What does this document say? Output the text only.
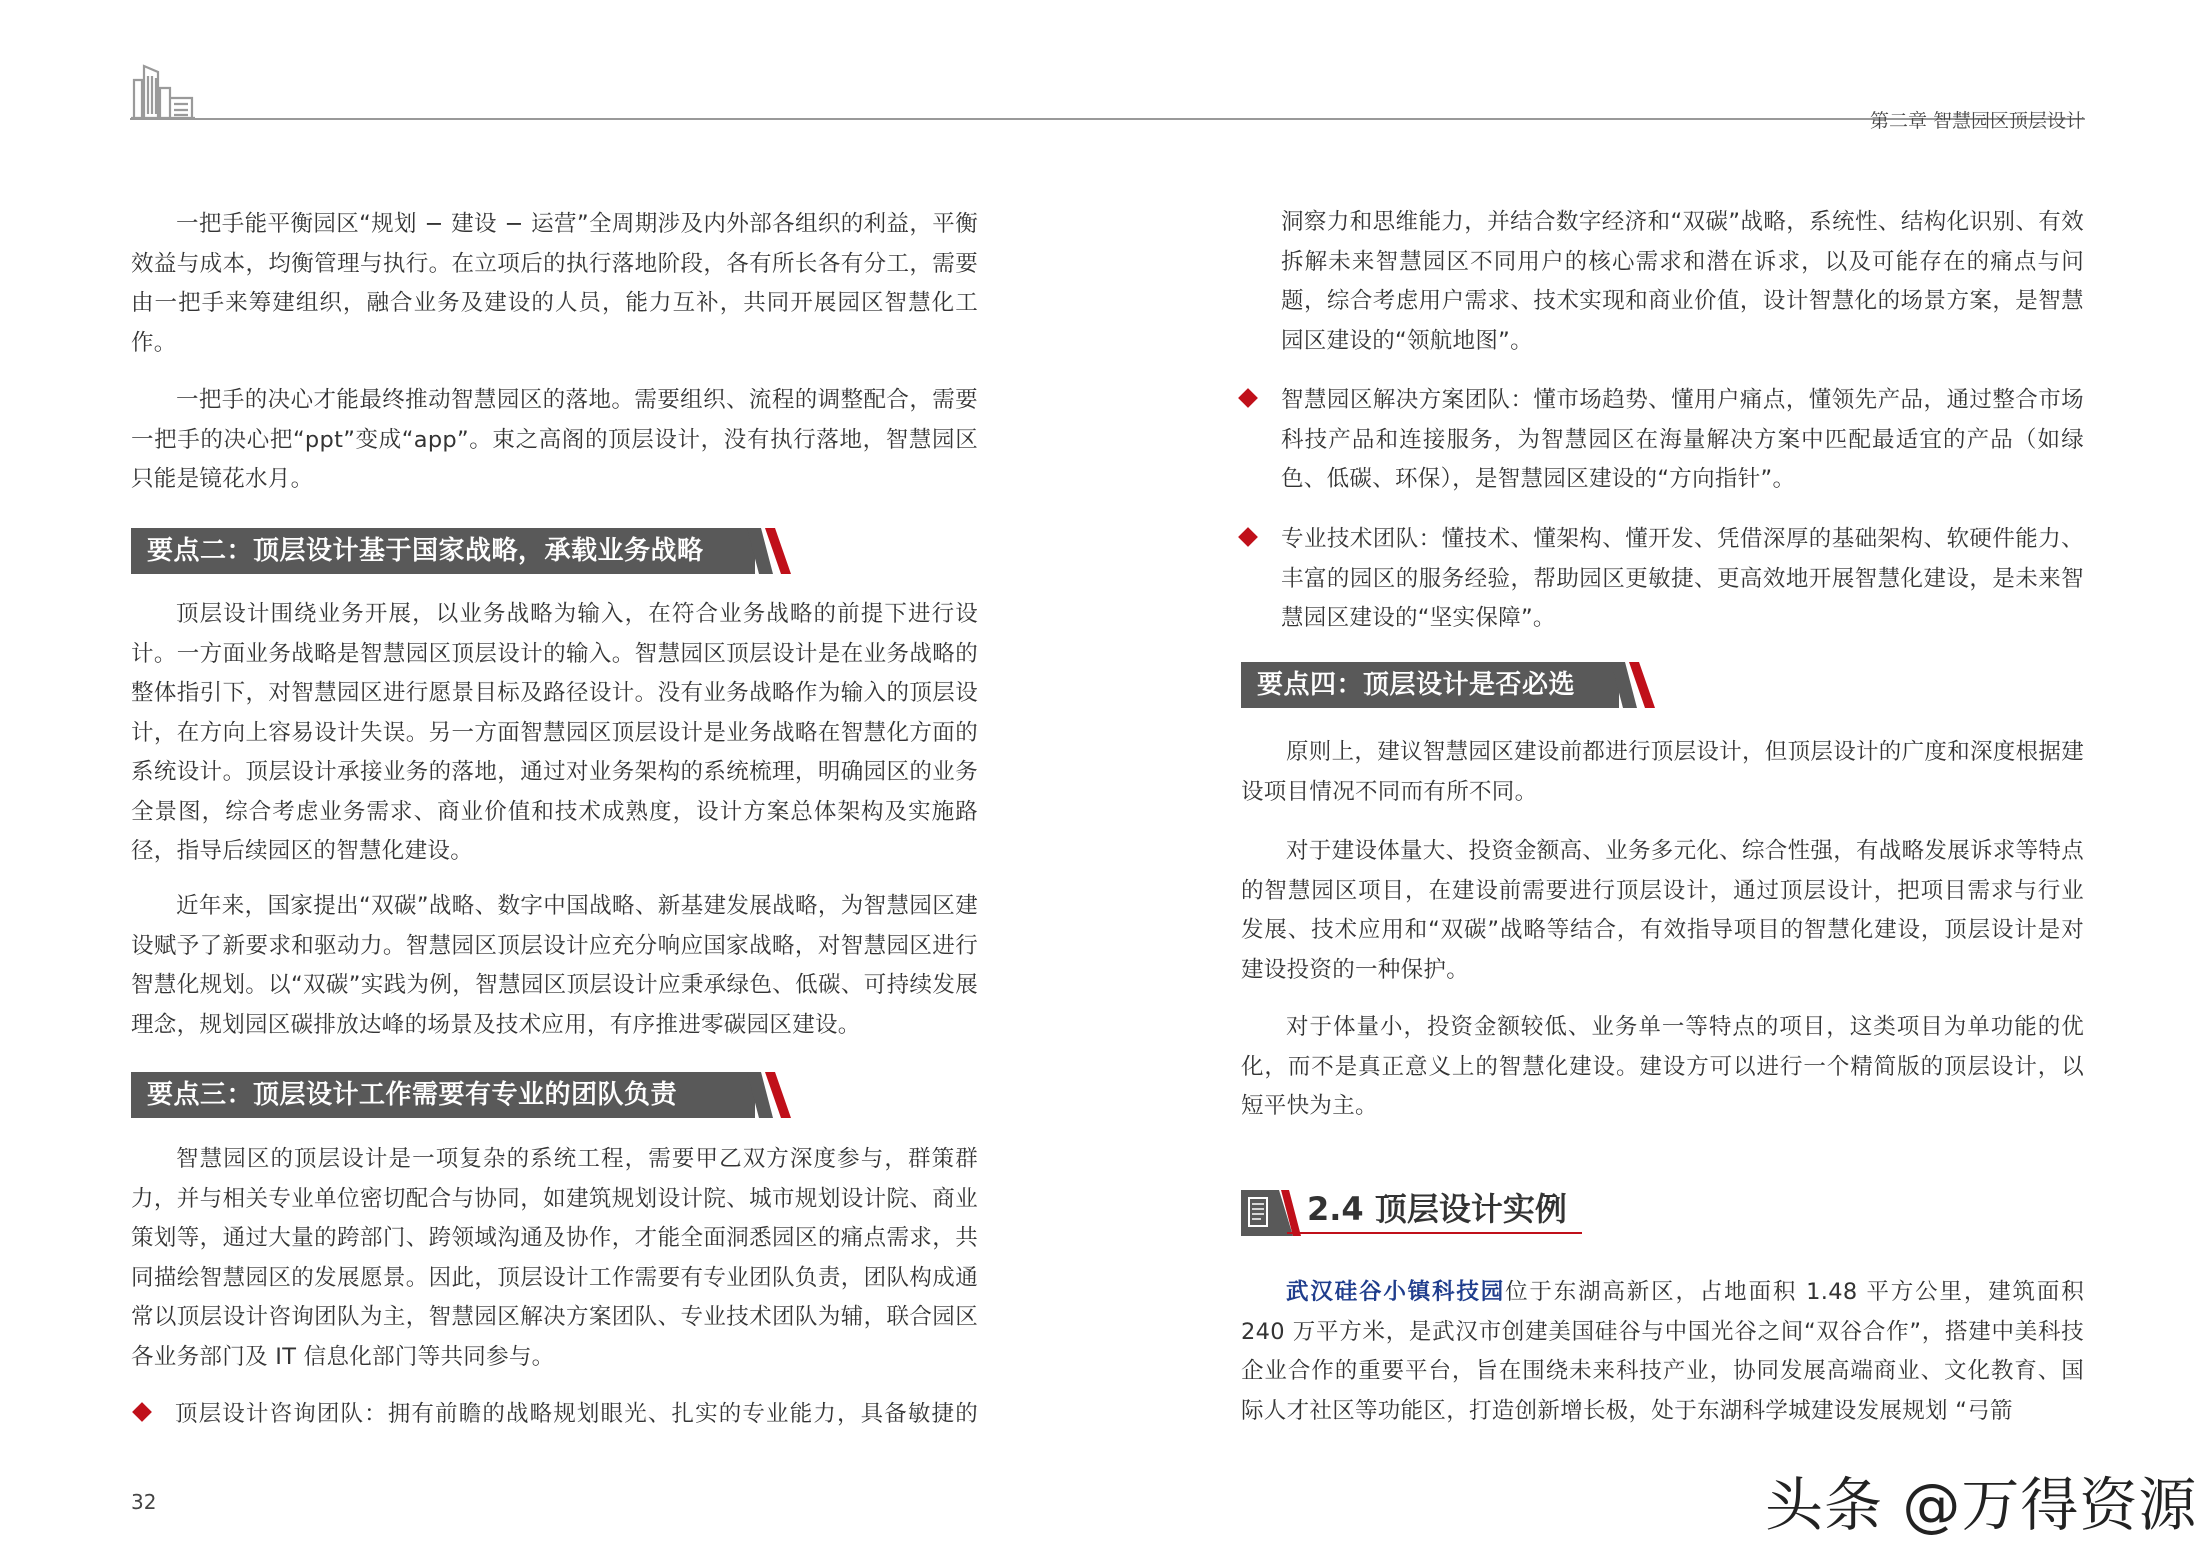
第二章 智慧园区顶层设计
一把手能平衡园区“规划 − 建设 − 运营”全周期涉及内外部各组织的利益，平衡效益与成本，均衡管理与执行。在立项后的执行落地阶段，各有所长各有分工，需要由一把手来筹建组织，融合业务及建设的人员，能力互补，共同开展园区智慧化工作。
一把手的决心才能最终推动智慧园区的落地。需要组织、流程的调整配合，需要一把手的决心把“ppt”变成“app”。束之高阁的顶层设计，没有执行落地，智慧园区只能是镜花水月。
要点二：顶层设计基于国家战略，承载业务战略
顶层设计围绕业务开展，以业务战略为输入，在符合业务战略的前提下进行设计。一方面业务战略是智慧园区顶层设计的输入。智慧园区顶层设计是在业务战略的整体指引下，对智慧园区进行愿景目标及路径设计。没有业务战略作为输入的顶层设计，在方向上容易设计失误。另一方面智慧园区顶层设计是业务战略在智慧化方面的系统设计。顶层设计承接业务的落地，通过对业务架构的系统梳理，明确园区的业务全景图，综合考虑业务需求、商业价值和技术成熟度，设计方案总体架构及实施路径，指导后续园区的智慧化建设。
近年来，国家提出“双碳”战略、数字中国战略、新基建发展战略，为智慧园区建设赋予了新要求和驱动力。智慧园区顶层设计应充分响应国家战略，对智慧园区进行智慧化规划。以“双碳”实践为例，智慧园区顶层设计应秉承绿色、低碳、可持续发展理念，规划园区碳排放达峰的场景及技术应用，有序推进零碳园区建设。
要点三：顶层设计工作需要有专业的团队负责
智慧园区的顶层设计是一项复杂的系统工程，需要甲乙双方深度参与，群策群力，并与相关专业单位密切配合与协同，如建筑规划设计院、城市规划设计院、商业策划等，通过大量的跨部门、跨领域沟通及协作，才能全面洞悉园区的痛点需求，共同描绘智慧园区的发展愿景。因此，顶层设计工作需要有专业团队负责，团队构成通常以顶层设计咨询团队为主，智慧园区解决方案团队、专业技术团队为辅，联合园区各业务部门及 IT 信息化部门等共同参与。
顶层设计咨询团队：拥有前瞻的战略规划眼光、扎实的专业能力，具备敏捷的
洞察力和思维能力，并结合数字经济和“双碳”战略，系统性、结构化识别、有效拆解未来智慧园区不同用户的核心需求和潜在诉求，以及可能存在的痛点与问题，综合考虑用户需求、技术实现和商业价值，设计智慧化的场景方案，是智慧园区建设的“领航地图”。
智慧园区解决方案团队：懂市场趋势、懂用户痛点，懂领先产品，通过整合市场科技产品和连接服务，为智慧园区在海量解决方案中匹配最适宜的产品（如绿色、低碳、环保），是智慧园区建设的“方向指针”。
专业技术团队：懂技术、懂架构、懂开发、凭借深厚的基础架构、软硬件能力、丰富的园区的服务经验，帮助园区更敏捷、更高效地开展智慧化建设，是未来智慧园区建设的“坚实保障”。
要点四：顶层设计是否必选
原则上，建议智慧园区建设前都进行顶层设计，但顶层设计的广度和深度根据建设项目情况不同而有所不同。
对于建设体量大、投资金额高、业务多元化、综合性强，有战略发展诉求等特点的智慧园区项目，在建设前需要进行顶层设计，通过顶层设计，把项目需求与行业发展、技术应用和“双碳”战略等结合，有效指导项目的智慧化建设，顶层设计是对建设投资的一种保护。
对于体量小，投资金额较低、业务单一等特点的项目，这类项目为单功能的优化，而不是真正意义上的智慧化建设。建设方可以进行一个精简版的顶层设计，以短平快为主。
2.4 顶层设计实例
武汉硅谷小镇科技园位于东湖高新区，占地面积 1.48 平方公里，建筑面积 240 万平方米，是武汉市创建美国硅谷与中国光谷之间“双谷合作”，搭建中美科技企业合作的重要平台，旨在围绕未来科技产业，协同发展高端商业、文化教育、国际人才社区等功能区，打造创新增长极，处于东湖科学城建设发展规划 “弓箭
32	头条 @万得资源
